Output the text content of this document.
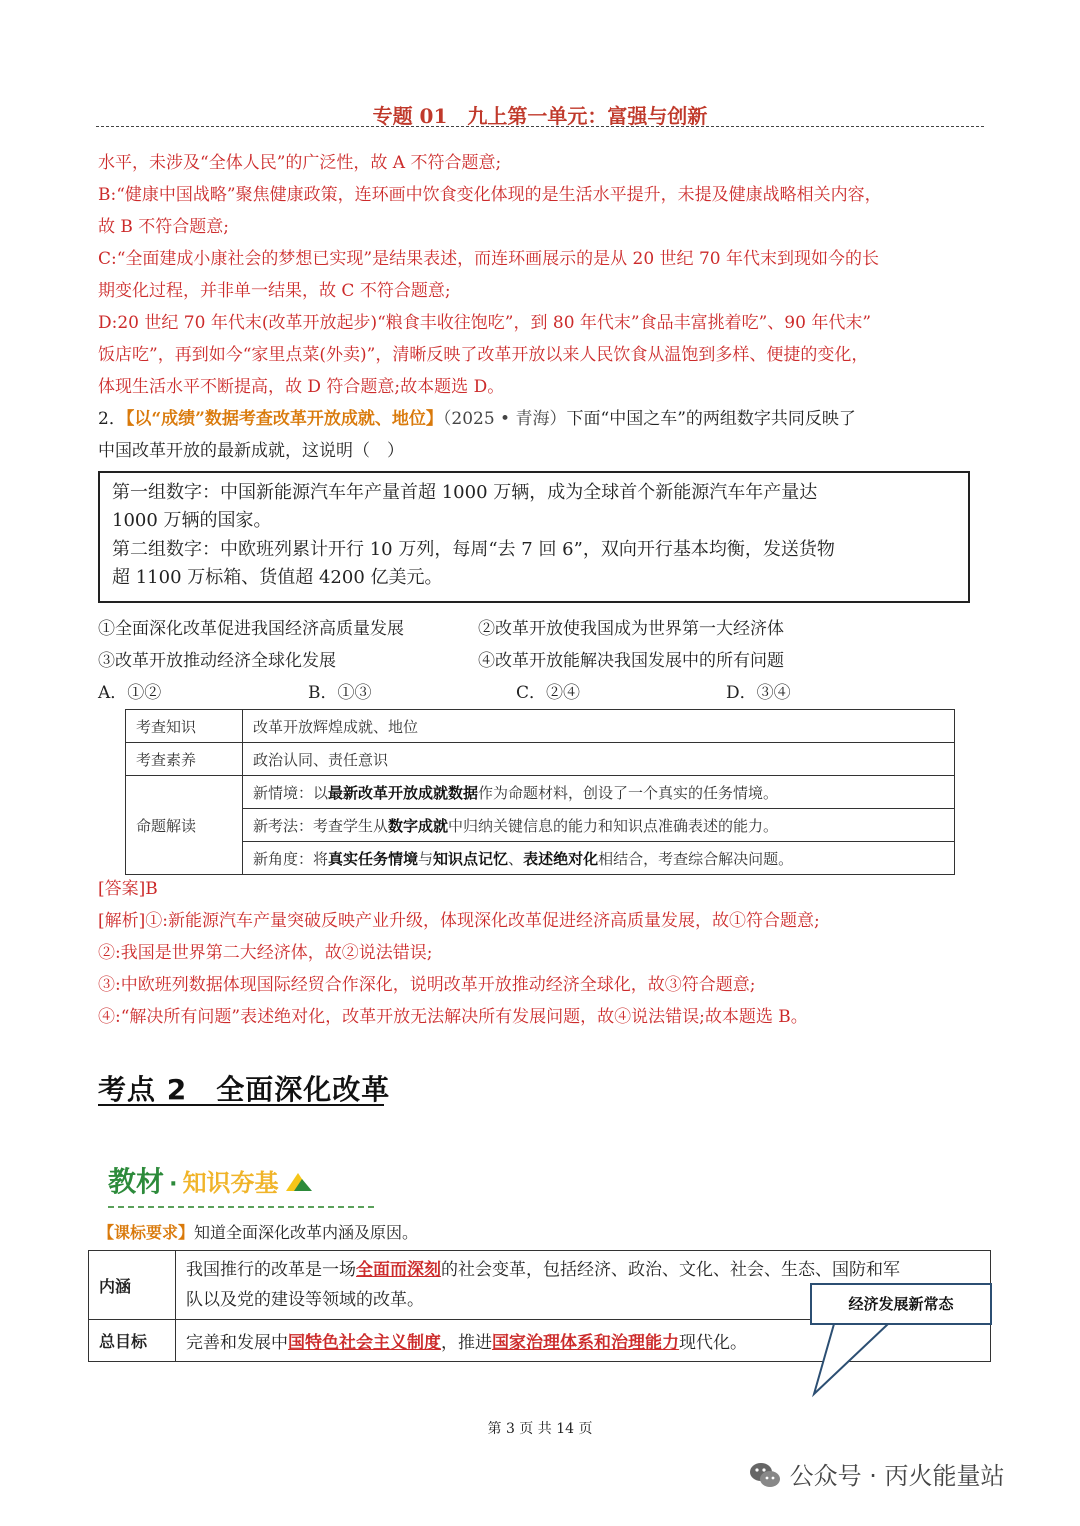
专题 01　九上第一单元：富强与创新
水平，未涉及“全体人民”的广泛性，故 A 不符合题意;
B:“健康中国战略”聚焦健康政策，连环画中饮食变化体现的是生活水平提升，未提及健康战略相关内容，
故 B 不符合题意;
C:“全面建成小康社会的梦想已实现”是结果表述，而连环画展示的是从 20 世纪 70 年代末到现如今的长
期变化过程，并非单一结果，故 C 不符合题意;
D:20 世纪 70 年代末(改革开放起步)“粮食丰收往饱吃”，到 80 年代末”食品丰富挑着吃”、90 年代末”
饭店吃”，再到如今“家里点菜(外卖)”，清晰反映了改革开放以来人民饮食从温饱到多样、便捷的变化，
体现生活水平不断提高，故 D 符合题意;故本题选 D。
2．【以“成绩”数据考查改革开放成就、地位】（2025 • 青海）下面“中国之车”的两组数字共同反映了
中国改革开放的最新成就，这说明（　）
第一组数字：中国新能源汽车年产量首超 1000 万辆，成为全球首个新能源汽车年产量达
1000 万辆的国家。
第二组数字：中欧班列累计开行 10 万列，每周“去 7 回 6”，双向开行基本均衡，发送货物
超 1100 万标箱、货值超 4200 亿美元。
①全面深化改革促进我国经济高质量发展	②改革开放使我国成为世界第一大经济体
③改革开放推动经济全球化发展	④改革开放能解决我国发展中的所有问题
A．①②	B．①③	C．②④	D．③④
考查知识	改革开放辉煌成就、地位
考查素养	政治认同、责任意识
命题解读	新情境：以最新改革开放成就数据作为命题材料，创设了一个真实的任务情境。
	新考法：考查学生从数字成就中归纳关键信息的能力和知识点准确表述的能力。
	新角度：将真实任务情境与知识点记忆、表述绝对化相结合，考查综合解决问题。
[答案]B
[解析]①:新能源汽车产量突破反映产业升级，体现深化改革促进经济高质量发展，故①符合题意;
②:我国是世界第二大经济体，故②说法错误;
③:中欧班列数据体现国际经贸合作深化，说明改革开放推动经济全球化，故③符合题意;
④:“解决所有问题”表述绝对化，改革开放无法解决所有发展问题，故④说法错误;故本题选 B。
考点 2　全面深化改革
教材 · 知识夯基
【课标要求】知道全面深化改革内涵及原因。
内涵	我国推行的改革是一场全面而深刻的社会变革，包括经济、政治、文化、社会、生态、国防和军
队以及党的建设等领域的改革。
总目标	完善和发展中国特色社会主义制度，推进国家治理体系和治理能力现代化。
经济发展新常态
第 3 页 共 14 页
公众号 · 丙火能量站
